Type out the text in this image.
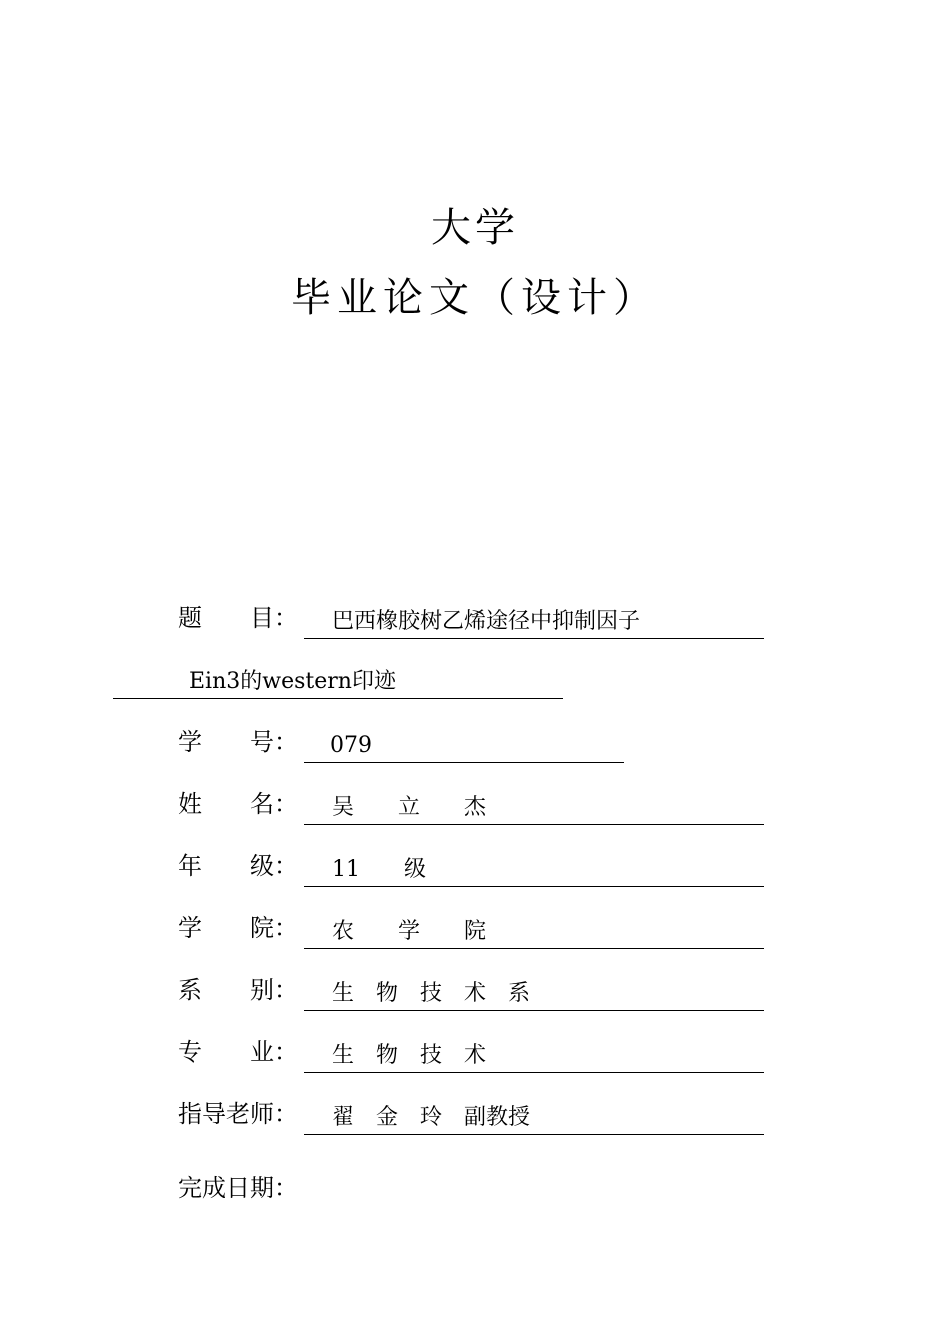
大学
毕业论文（设计）
题　　目： 巴西橡胶树乙烯途径中抑制因子
Ein3的western印迹
学　　号： 079
姓　　名： 吴　　立　　杰
年　　级： 11　　级
学　　院： 农　　学　　院
系　　别： 生　物　技　术　系
专　　业： 生　物　技　术
指导老师： 翟　金　玲　副教授
完成日期：
